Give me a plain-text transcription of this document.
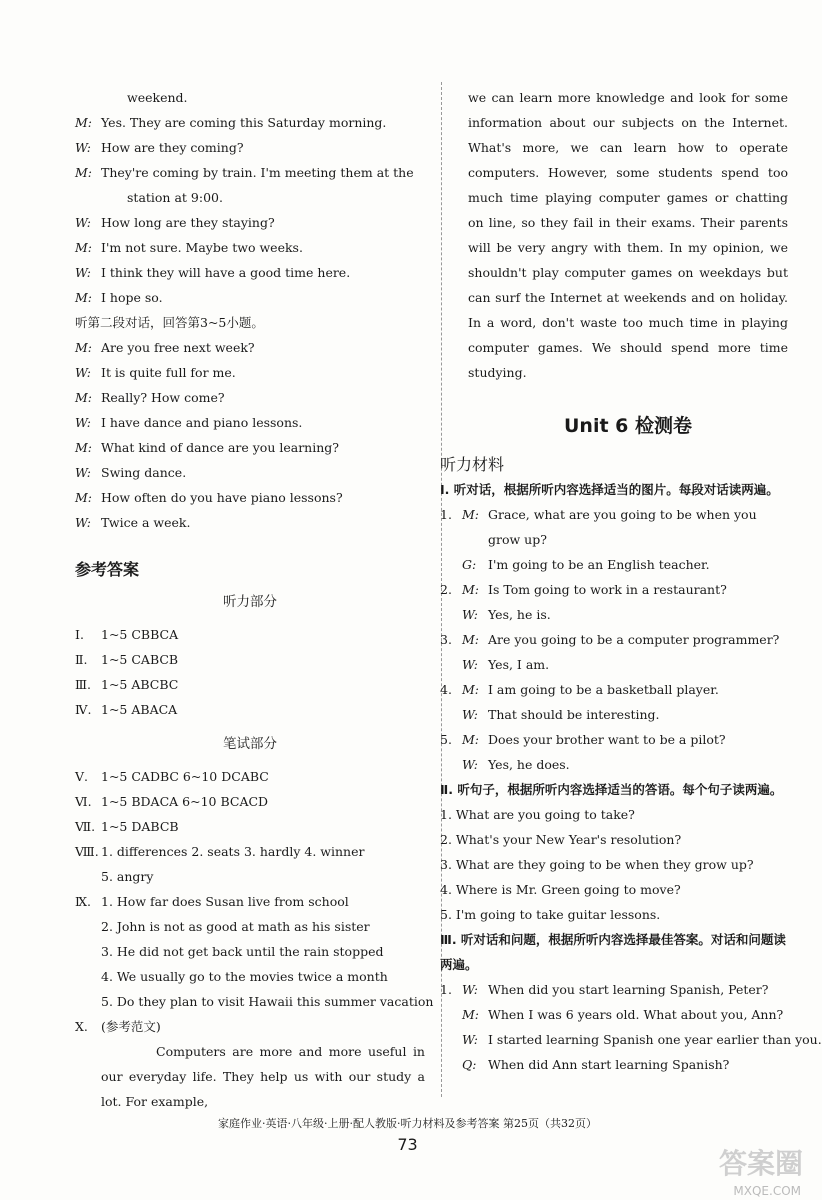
weekend.
M: Yes. They are coming this Saturday morning.
W: How are they coming?
M: They're coming by train. I'm meeting them at the
station at 9:00.
W: How long are they staying?
M: I'm not sure. Maybe two weeks.
W: I think they will have a good time here.
M: I hope so.
听第二段对话，回答第3~5小题。
M: Are you free next week?
W: It is quite full for me.
M: Really? How come?
W: I have dance and piano lessons.
M: What kind of dance are you learning?
W: Swing dance.
M: How often do you have piano lessons?
W: Twice a week.
参考答案
听力部分
Ⅰ. 1~5 CBBCA
Ⅱ. 1~5 CABCB
Ⅲ. 1~5 ABCBC
Ⅳ. 1~5 ABACA
笔试部分
Ⅴ. 1~5 CADBC 6~10 DCABC
Ⅵ. 1~5 BDACA 6~10 BCACD
Ⅶ. 1~5 DABCB
Ⅷ. 1. differences 2. seats 3. hardly 4. winner
5. angry
Ⅸ. 1. How far does Susan live from school
2. John is not as good at math as his sister
3. He did not get back until the rain stopped
4. We usually go to the movies twice a month
5. Do they plan to visit Hawaii this summer vacation
Ⅹ. (参考范文)
Computers are more and more useful in our everyday life. They help us with our study a lot. For example,
we can learn more knowledge and look for some information about our subjects on the Internet. What's more, we can learn how to operate computers. However, some students spend too much time playing computer games or chatting on line, so they fail in their exams. Their parents will be very angry with them. In my opinion, we shouldn't play computer games on weekdays but can surf the Internet at weekends and on holiday. In a word, don't waste too much time in playing computer games. We should spend more time studying.
Unit 6 检测卷
听力材料
Ⅰ. 听对话，根据所听内容选择适当的图片。每段对话读两遍。
1. M: Grace, what are you going to be when you
grow up?
G: I'm going to be an English teacher.
2. M: Is Tom going to work in a restaurant?
W: Yes, he is.
3. M: Are you going to be a computer programmer?
W: Yes, I am.
4. M: I am going to be a basketball player.
W: That should be interesting.
5. M: Does your brother want to be a pilot?
W: Yes, he does.
Ⅱ. 听句子，根据所听内容选择适当的答语。每个句子读两遍。
1. What are you going to take?
2. What's your New Year's resolution?
3. What are they going to be when they grow up?
4. Where is Mr. Green going to move?
5. I'm going to take guitar lessons.
Ⅲ. 听对话和问题，根据所听内容选择最佳答案。对话和问题读两遍。
1. W: When did you start learning Spanish, Peter?
M: When I was 6 years old. What about you, Ann?
W: I started learning Spanish one year earlier than you.
Q: When did Ann start learning Spanish?
家庭作业·英语·八年级·上册·配人教版·听力材料及参考答案 第25页（共32页）
73
答案圈
MXQE.COM
